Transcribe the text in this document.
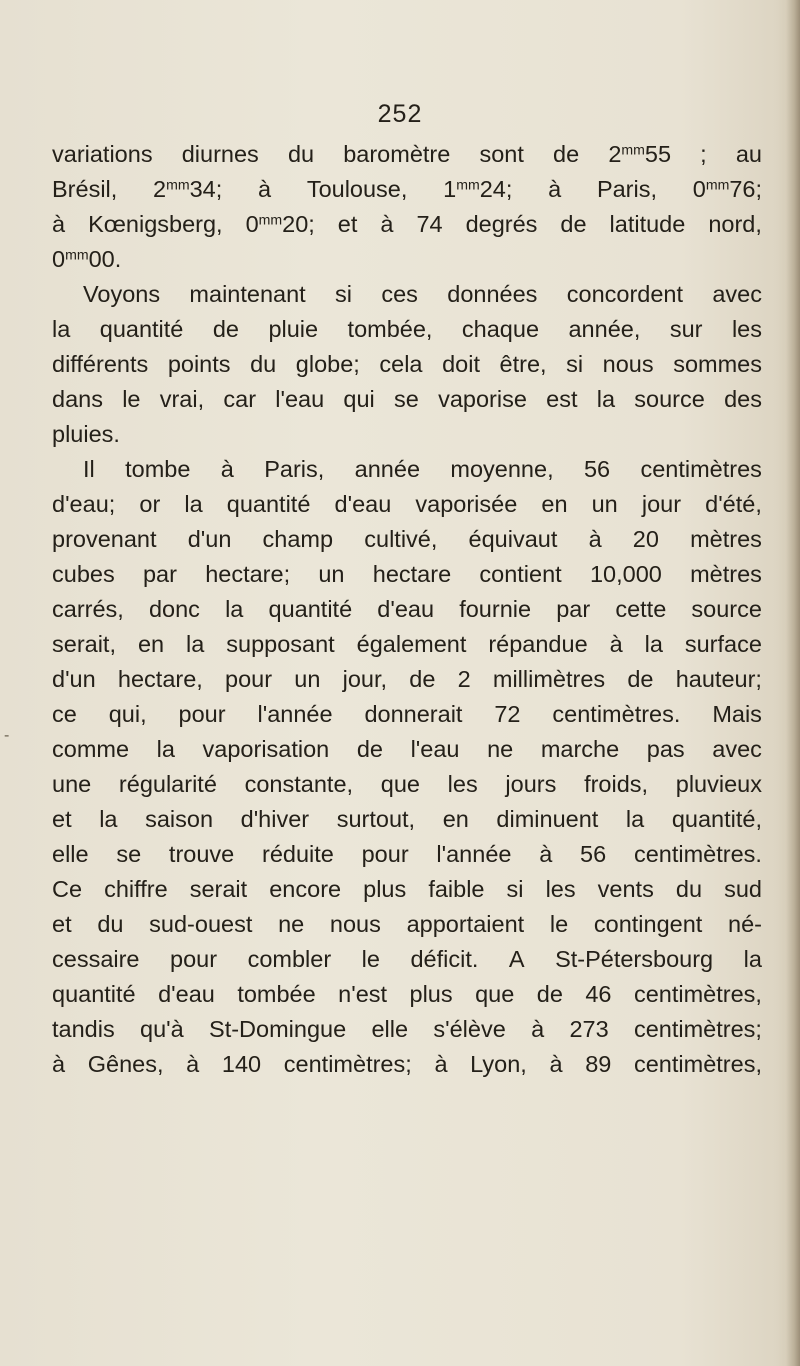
252
-
variations diurnes du baromètre sont de $2^{mm}55$ ; au
Brésil, $2^{mm}34$; à Toulouse, $1^{mm}24$; à Paris, $0^{mm}76$;
à Kœnigsberg, $0^{mm}20$; et à 74 degrés de latitude nord,
$0^{mm}00$.
Voyons maintenant si ces données concordent avec
la quantité de pluie tombée, chaque année, sur les
différents points du globe; cela doit être, si nous sommes
dans le vrai, car l'eau qui se vaporise est la source des
pluies.
Il tombe à Paris, année moyenne, 56 centimètres
d'eau; or la quantité d'eau vaporisée en un jour d'été,
provenant d'un champ cultivé, équivaut à 20 mètres
cubes par hectare; un hectare contient 10,000 mètres
carrés, donc la quantité d'eau fournie par cette source
serait, en la supposant également répandue à la surface
d'un hectare, pour un jour, de 2 millimètres de hauteur;
ce qui, pour l'année donnerait 72 centimètres. Mais
comme la vaporisation de l'eau ne marche pas avec
une régularité constante, que les jours froids, pluvieux
et la saison d'hiver surtout, en diminuent la quantité,
elle se trouve réduite pour l'année à 56 centimètres.
Ce chiffre serait encore plus faible si les vents du sud
et du sud-ouest ne nous apportaient le contingent né-
cessaire pour combler le déficit. A St-Pétersbourg la
quantité d'eau tombée n'est plus que de 46 centimètres,
tandis qu'à St-Domingue elle s'élève à 273 centimètres;
à Gênes, à 140 centimètres; à Lyon, à 89 centimètres,
